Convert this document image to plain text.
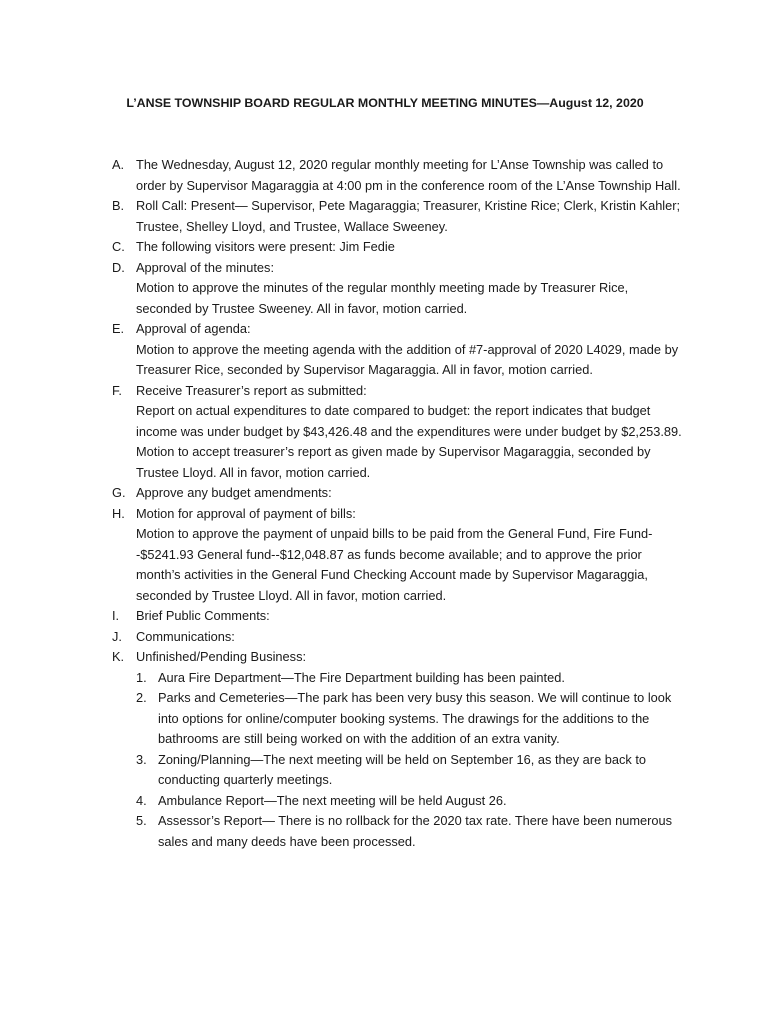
L’ANSE TOWNSHIP BOARD REGULAR MONTHLY MEETING MINUTES—August 12, 2020
A. The Wednesday, August 12, 2020 regular monthly meeting for L’Anse Township was called to order by Supervisor Magaraggia at 4:00 pm in the conference room of the L’Anse Township Hall.
B. Roll Call: Present— Supervisor, Pete Magaraggia; Treasurer, Kristine Rice; Clerk, Kristin Kahler; Trustee, Shelley Lloyd, and Trustee, Wallace Sweeney.
C. The following visitors were present: Jim Fedie
D. Approval of the minutes:
Motion to approve the minutes of the regular monthly meeting made by Treasurer Rice, seconded by Trustee Sweeney. All in favor, motion carried.
E. Approval of agenda:
Motion to approve the meeting agenda with the addition of #7-approval of 2020 L4029, made by Treasurer Rice, seconded by Supervisor Magaraggia. All in favor, motion carried.
F.	Receive Treasurer’s report as submitted:
Report on actual expenditures to date compared to budget: the report indicates that budget income was under budget by $43,426.48 and the expenditures were under budget by $2,253.89.
Motion to accept treasurer’s report as given made by Supervisor Magaraggia, seconded by Trustee Lloyd. All in favor, motion carried.
G. Approve any budget amendments:
H. Motion for approval of payment of bills:
Motion to approve the payment of unpaid bills to be paid from the General Fund, Fire Fund--$5241.93 General fund--$12,048.87 as funds become available; and to approve the prior month’s activities in the General Fund Checking Account made by Supervisor Magaraggia, seconded by Trustee Lloyd. All in favor, motion carried.
I.	Brief Public Comments:
J.	Communications:
K. Unfinished/Pending Business:
1. Aura Fire Department—The Fire Department building has been painted.
2. Parks and Cemeteries—The park has been very busy this season. We will continue to look into options for online/computer booking systems. The drawings for the additions to the bathrooms are still being worked on with the addition of an extra vanity.
3. Zoning/Planning—The next meeting will be held on September 16, as they are back to conducting quarterly meetings.
4. Ambulance Report—The next meeting will be held August 26.
5. Assessor’s Report— There is no rollback for the 2020 tax rate. There have been numerous sales and many deeds have been processed.
